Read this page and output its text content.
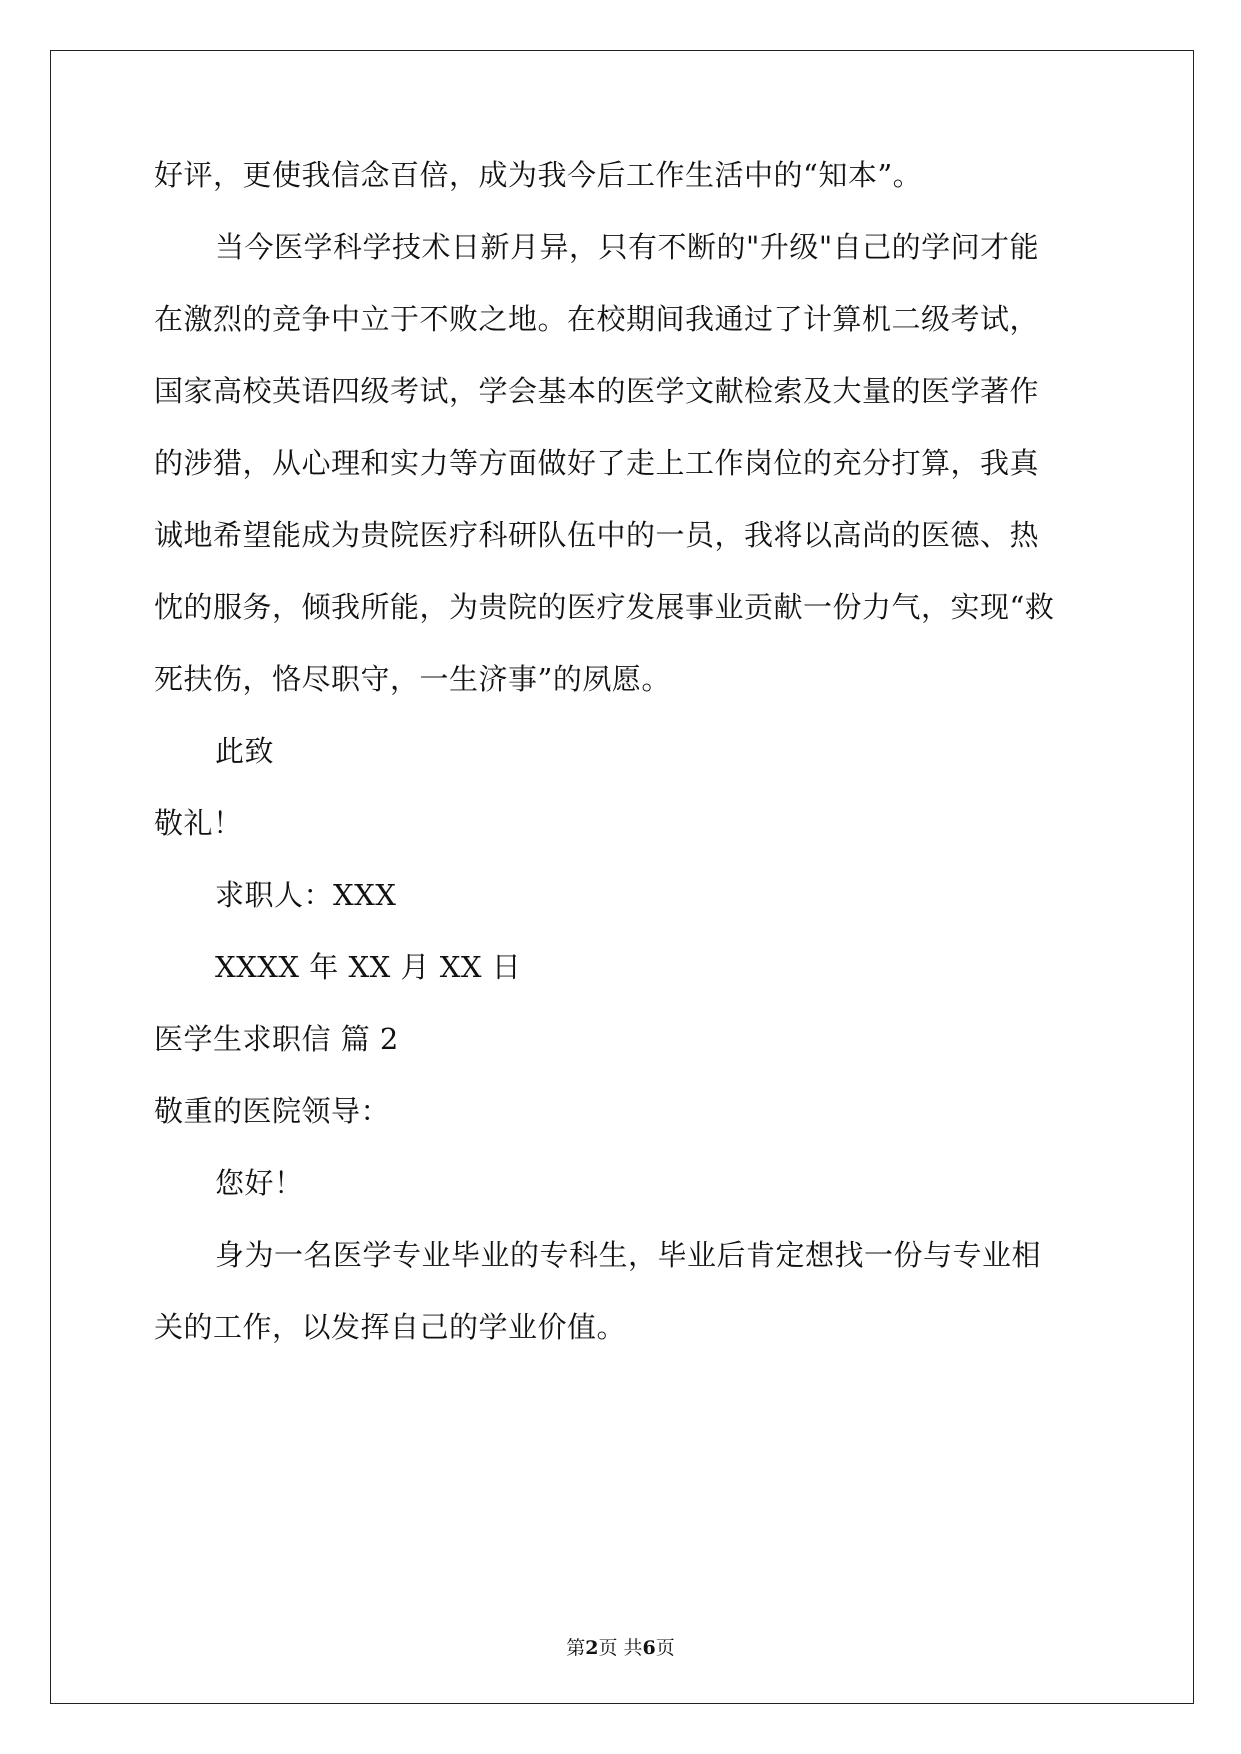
好评，更使我信念百倍，成为我今后工作生活中的“知本”。
当今医学科学技术日新月异，只有不断的"升级"自己的学问才能
在激烈的竞争中立于不败之地。在校期间我通过了计算机二级考试，
国家高校英语四级考试，学会基本的医学文献检索及大量的医学著作
的涉猎，从心理和实力等方面做好了走上工作岗位的充分打算，我真
诚地希望能成为贵院医疗科研队伍中的一员，我将以高尚的医德、热
忱的服务，倾我所能，为贵院的医疗发展事业贡献一份力气，实现“救
死扶伤，恪尽职守，一生济事”的夙愿。
此致
敬礼！
求职人：XXX
XXXX 年 XX 月 XX 日
医学生求职信 篇 2
敬重的医院领导：
您好！
身为一名医学专业毕业的专科生，毕业后肯定想找一份与专业相
关的工作，以发挥自己的学业价值。
第2页 共6页
